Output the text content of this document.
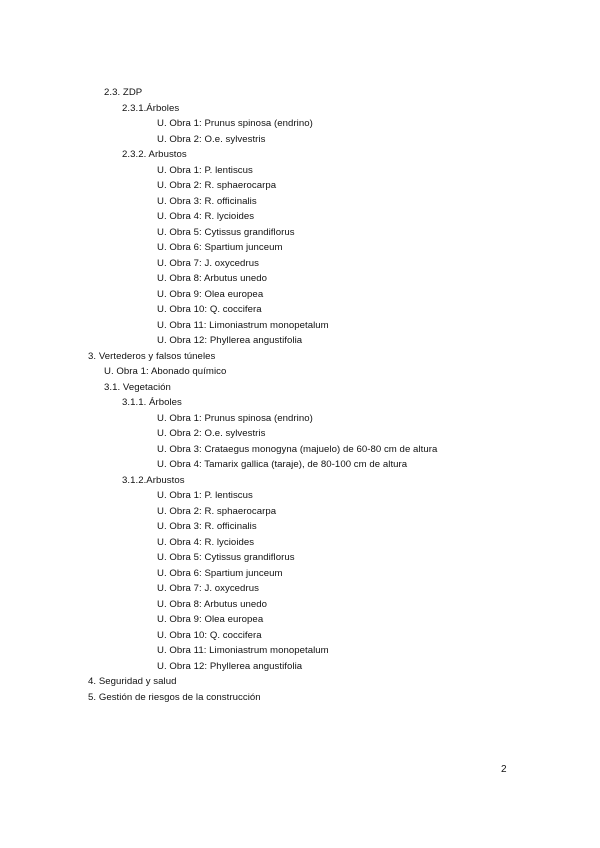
2.3. ZDP
2.3.1.Árboles
U. Obra 1: Prunus spinosa (endrino)
U. Obra 2: O.e. sylvestris
2.3.2. Arbustos
U. Obra 1: P. lentiscus
U. Obra 2: R. sphaerocarpa
U. Obra 3: R. officinalis
U. Obra 4: R. lycioides
U. Obra 5: Cytissus grandiflorus
U. Obra 6: Spartium junceum
U. Obra 7: J. oxycedrus
U. Obra 8: Arbutus unedo
U. Obra 9: Olea europea
U. Obra 10: Q. coccifera
U. Obra 11: Limoniastrum monopetalum
U. Obra 12: Phyllerea angustifolia
3. Vertederos y falsos túneles
U. Obra 1: Abonado químico
3.1. Vegetación
3.1.1. Árboles
U. Obra 1: Prunus spinosa (endrino)
U. Obra 2: O.e. sylvestris
U. Obra 3: Crataegus monogyna (majuelo) de 60-80 cm de altura
U. Obra 4: Tamarix gallica (taraje), de 80-100 cm de altura
3.1.2.Arbustos
U. Obra 1: P. lentiscus
U. Obra 2: R. sphaerocarpa
U. Obra 3: R. officinalis
U. Obra 4: R. lycioides
U. Obra 5: Cytissus grandiflorus
U. Obra 6: Spartium junceum
U. Obra 7: J. oxycedrus
U. Obra 8: Arbutus unedo
U. Obra 9: Olea europea
U. Obra 10: Q. coccifera
U. Obra 11: Limoniastrum monopetalum
U. Obra 12: Phyllerea angustifolia
4. Seguridad y salud
5. Gestión de riesgos de la construcción
2
